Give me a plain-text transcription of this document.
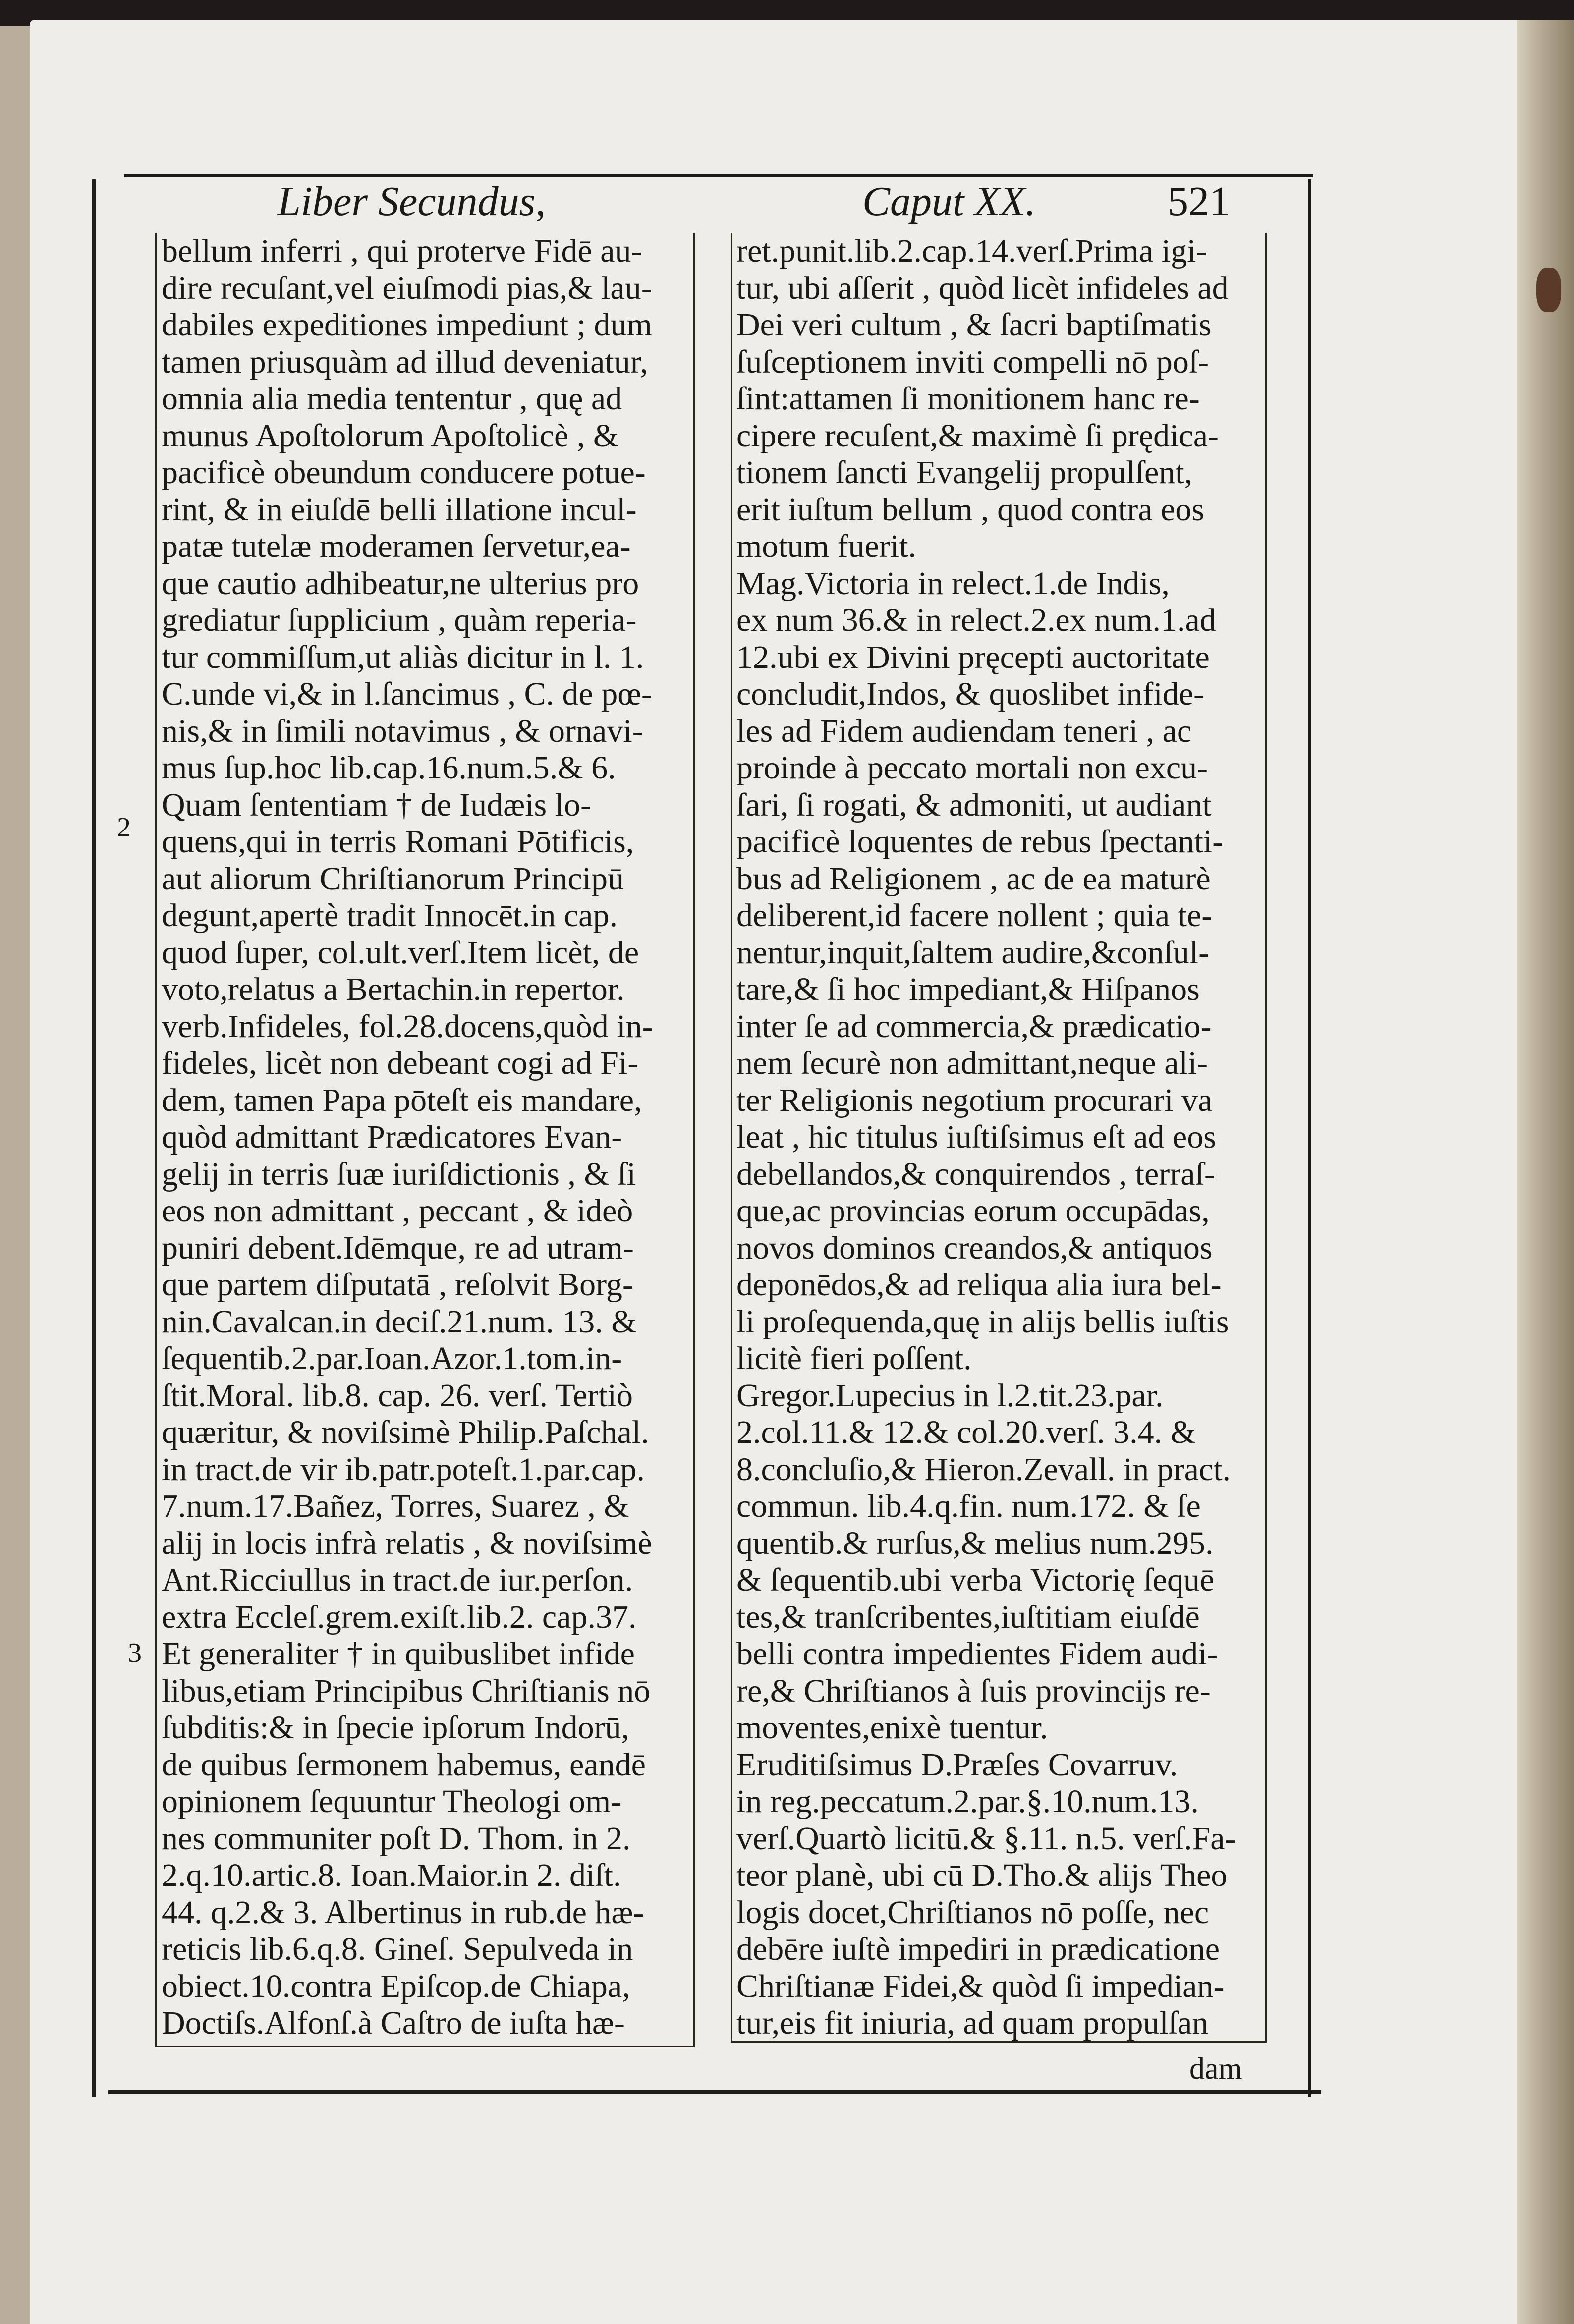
Liber Secundus,	Caput XX.	521
2
3
bellum inferri , qui proterve Fidē au-
dire recuſant,vel eiuſmodi pias,& lau-
dabiles expeditiones impediunt ; dum
tamen priusquàm ad illud deveniatur,
omnia alia media tententur , quę ad
munus Apoſtolorum Apoſtolicè , &
pacificè obeundum conducere potue-
rint, & in eiuſdē belli illatione incul-
patæ tutelæ moderamen ſervetur,ea-
que cautio adhibeatur,ne ulterius pro
grediatur ſupplicium , quàm reperia-
tur commiſſum,ut aliàs dicitur in l. 1.
C.unde vi,& in l.ſancimus , C. de pœ-
nis,& in ſimili notavimus , & ornavi-
mus ſup.hoc lib.cap.16.num.5.& 6.
Quam ſententiam † de Iudæis lo-
quens,qui in terris Romani Pōtificis,
aut aliorum Chriſtianorum Principū
degunt,apertè tradit Innocēt.in cap.
quod ſuper, col.ult.verſ.Item licèt, de
voto,relatus a Bertachin.in repertor.
verb.Infideles, fol.28.docens,quòd in-
fideles, licèt non debeant cogi ad Fi-
dem, tamen Papa pōteſt eis mandare,
quòd admittant Prædicatores Evan-
gelij in terris ſuæ iuriſdictionis , & ſi
eos non admittant , peccant , & ideò
puniri debent.Idēmque, re ad utram-
que partem diſputatā , reſolvit Borg-
nin.Cavalcan.in deciſ.21.num. 13. &
ſequentib.2.par.Ioan.Azor.1.tom.in-
ſtit.Moral. lib.8. cap. 26. verſ. Tertiò
quæritur, & noviſsimè Philip.Paſchal.
in tract.de vir ib.patr.poteſt.1.par.cap.
7.num.17.Bañez, Torres, Suarez , &
alij in locis infrà relatis , & noviſsimè
Ant.Ricciullus in tract.de iur.perſon.
extra Eccleſ.grem.exiſt.lib.2. cap.37.
Et generaliter † in quibuslibet infide
libus,etiam Principibus Chriſtianis nō
ſubditis:& in ſpecie ipſorum Indorū,
de quibus ſermonem habemus, eandē
opinionem ſequuntur Theologi om-
nes communiter poſt D. Thom. in 2.
2.q.10.artic.8. Ioan.Maior.in 2. diſt.
44. q.2.& 3. Albertinus in rub.de hæ-
reticis lib.6.q.8. Gineſ. Sepulveda in
obiect.10.contra Epiſcop.de Chiapa,
Doctiſs.Alfonſ.à Caſtro de iuſta hæ-
ret.punit.lib.2.cap.14.verſ.Prima igi-
tur, ubi aſſerit , quòd licèt infideles ad
Dei veri cultum , & ſacri baptiſmatis
ſuſceptionem inviti compelli nō poſ-
ſint:attamen ſi monitionem hanc re-
cipere recuſent,& maximè ſi prędica-
tionem ſancti Evangelij propulſent,
erit iuſtum bellum , quod contra eos
motum fuerit.
Mag.Victoria in relect.1.de Indis,
ex num 36.& in relect.2.ex num.1.ad
12.ubi ex Divini pręcepti auctoritate
concludit,Indos, & quoslibet infide-
les ad Fidem audiendam teneri , ac
proinde à peccato mortali non excu-
ſari, ſi rogati, & admoniti, ut audiant
pacificè loquentes de rebus ſpectanti-
bus ad Religionem , ac de ea maturè
deliberent,id facere nollent ; quia te-
nentur,inquit,ſaltem audire,&conſul-
tare,& ſi hoc impediant,& Hiſpanos
inter ſe ad commercia,& prædicatio-
nem ſecurè non admittant,neque ali-
ter Religionis negotium procurari va
leat , hic titulus iuſtiſsimus eſt ad eos
debellandos,& conquirendos , terraſ-
que,ac provincias eorum occupādas,
novos dominos creandos,& antiquos
deponēdos,& ad reliqua alia iura bel-
li proſequenda,quę in alijs bellis iuſtis
licitè fieri poſſent.
Gregor.Lupecius in l.2.tit.23.par.
2.col.11.& 12.& col.20.verſ. 3.4. &
8.concluſio,& Hieron.Zevall. in pract.
commun. lib.4.q.fin. num.172. & ſe
quentib.& rurſus,& melius num.295.
& ſequentib.ubi verba Victorię ſequē
tes,& tranſcribentes,iuſtitiam eiuſdē
belli contra impedientes Fidem audi-
re,& Chriſtianos à ſuis provincijs re-
moventes,enixè tuentur.
Eruditiſsimus D.Præſes Covarruv.
in reg.peccatum.2.par.§.10.num.13.
verſ.Quartò licitū.& §.11. n.5. verſ.Fa-
teor planè, ubi cū D.Tho.& alijs Theo
logis docet,Chriſtianos nō poſſe, nec
debēre iuſtè impediri in prædicatione
Chriſtianæ Fidei,& quòd ſi impedian-
tur,eis fit iniuria, ad quam propulſan
dam
